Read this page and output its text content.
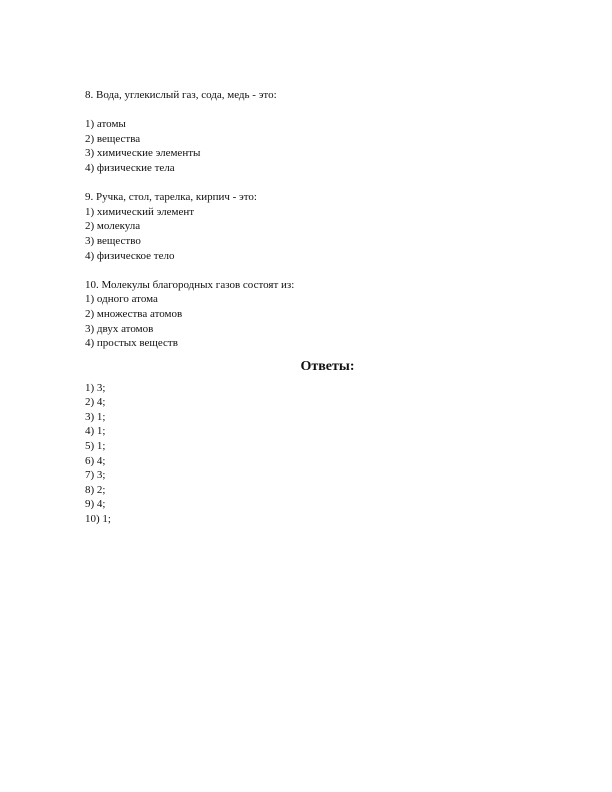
8. Вода, углекислый газ, сода, медь - это:
1) атомы
2) вещества
3) химические элементы
4) физические тела
9. Ручка, стол, тарелка, кирпич - это:
1) химический элемент
2) молекула
3) вещество
4) физическое тело
10. Молекулы благородных газов состоят из:
1) одного атома
2) множества атомов
3) двух атомов
4) простых веществ
Ответы:
1) 3;
2) 4;
3) 1;
4) 1;
5) 1;
6) 4;
7) 3;
8) 2;
9) 4;
10) 1;
